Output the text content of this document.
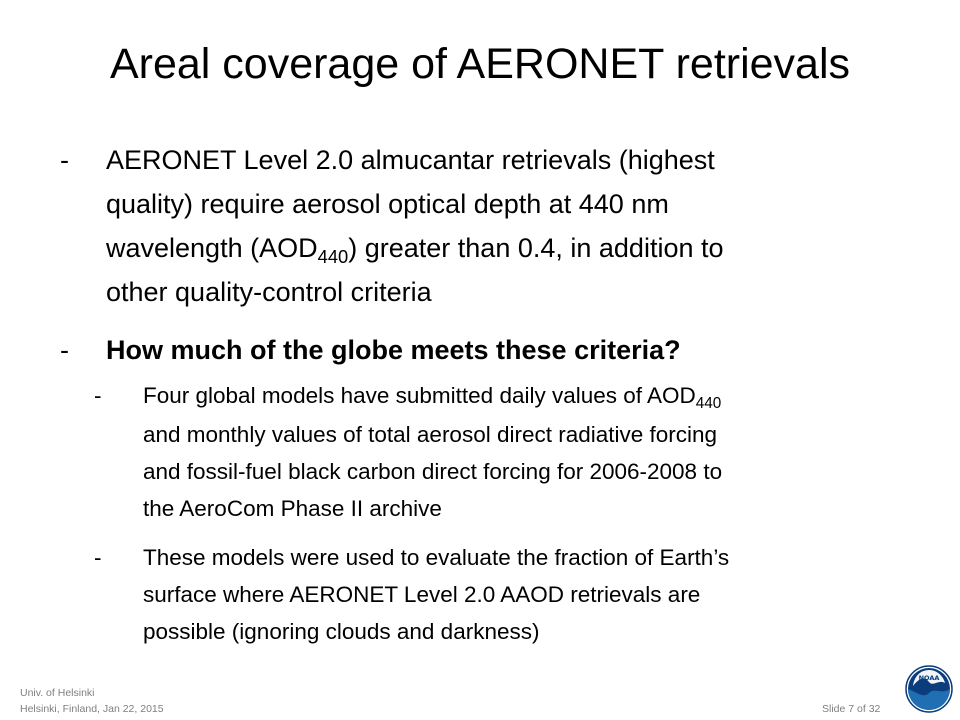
Areal coverage of AERONET retrievals
- AERONET Level 2.0 almucantar retrievals (highest
quality) require aerosol optical depth at 440 nm
wavelength $(AOD_{440})$ greater than 0.4, in addition to
other quality-control criteria
- How much of the globe meets these criteria?
- Four global models have submitted daily values of $AOD_{440}$
and monthly values of total aerosol direct radiative forcing
and fossil-fuel black carbon direct forcing for 2006-2008 to
the AeroCom Phase II archive
- These models were used to evaluate the fraction of Earth’s
surface where AERONET Level 2.0 AAOD retrievals are
possible (ignoring clouds and darkness)
Univ. of Helsinki
Helsinki, Finland, Jan 22, 2015	Slide 7 of 32
NOAA
